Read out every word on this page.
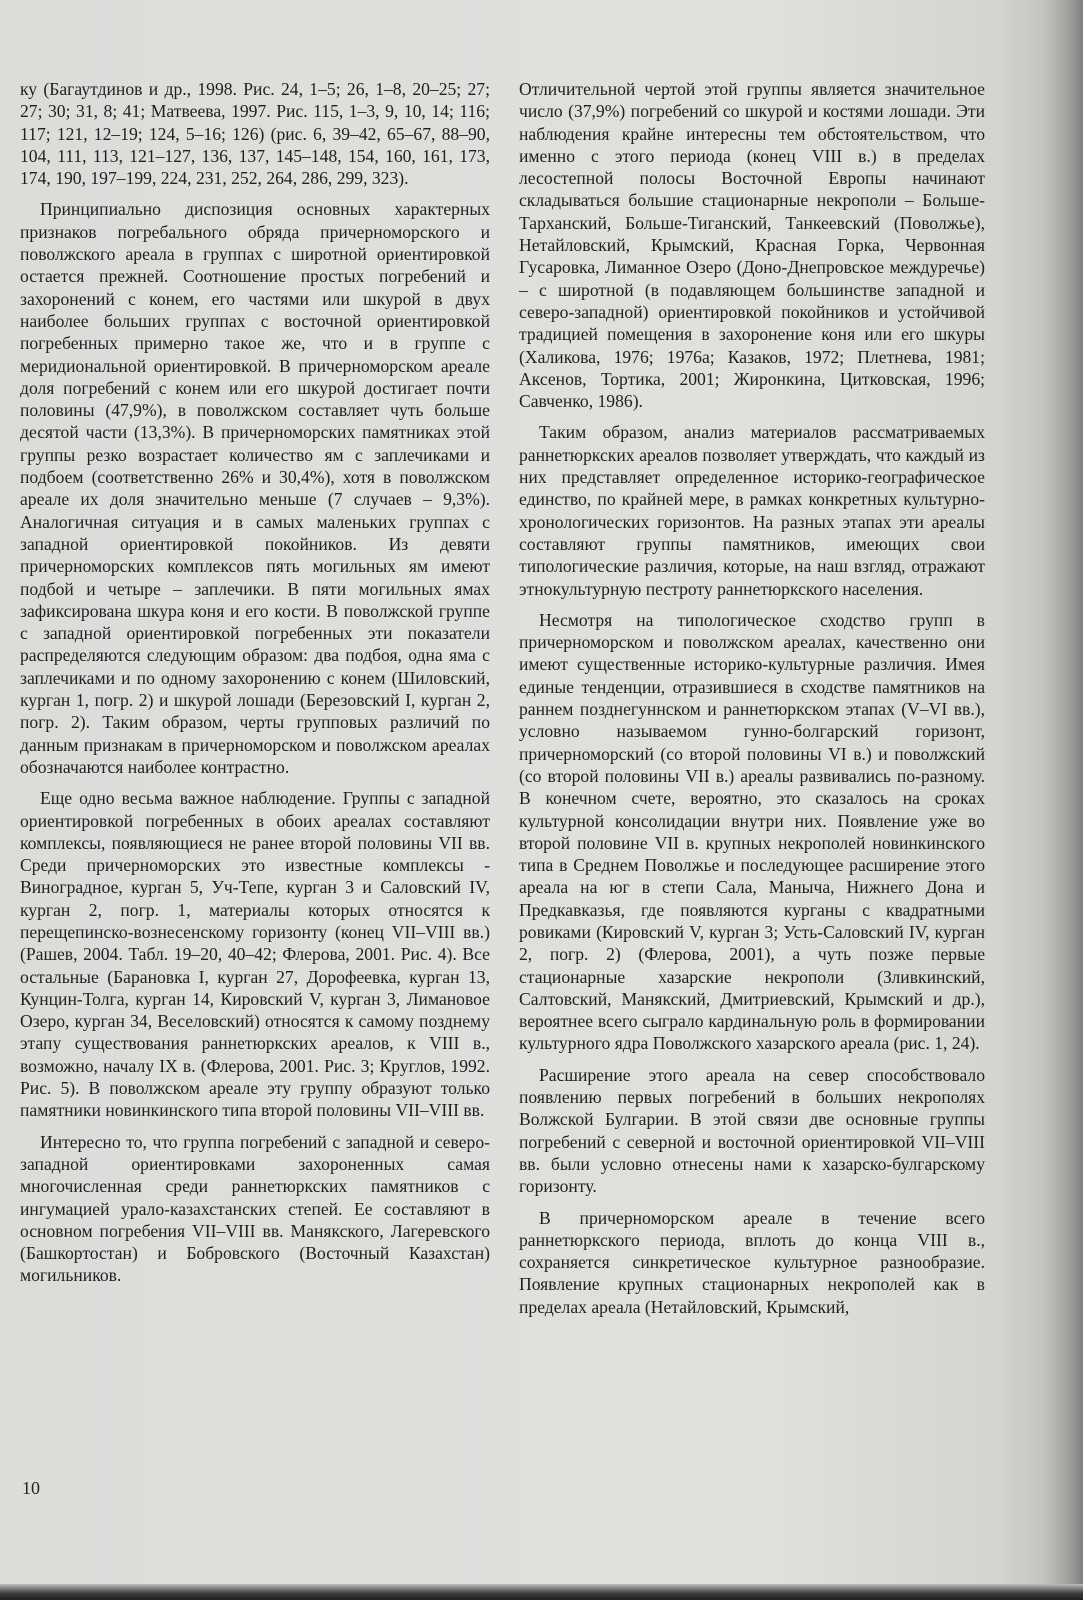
ку (Багаутдинов и др., 1998. Рис. 24, 1–5; 26, 1–8, 20–25; 27; 27; 30; 31, 8; 41; Матвеева, 1997. Рис. 115, 1–3, 9, 10, 14; 116; 117; 121, 12–19; 124, 5–16; 126) (рис. 6, 39–42, 65–67, 88–90, 104, 111, 113, 121–127, 136, 137, 145–148, 154, 160, 161, 173, 174, 190, 197–199, 224, 231, 252, 264, 286, 299, 323).

Принципиально диспозиция основных характерных признаков погребального обряда причерноморского и поволжского ареала в группах с широтной ориентировкой остается прежней. Соотношение простых погребений и захоронений с конем, его частями или шкурой в двух наиболее больших группах с восточной ориентировкой погребенных примерно такое же, что и в группе с меридиональной ориентировкой. В причерноморском ареале доля погребений с конем или его шкурой достигает почти половины (47,9%), в поволжском составляет чуть больше десятой части (13,3%). В причерноморских памятниках этой группы резко возрастает количество ям с заплечиками и подбоем (соответственно 26% и 30,4%), хотя в поволжском ареале их доля значительно меньше (7 случаев – 9,3%). Аналогичная ситуация и в самых маленьких группах с западной ориентировкой покойников. Из девяти причерноморских комплексов пять могильных ям имеют подбой и четыре – заплечики. В пяти могильных ямах зафиксирована шкура коня и его кости. В поволжской группе с западной ориентировкой погребенных эти показатели распределяются следующим образом: два подбоя, одна яма с заплечиками и по одному захоронению с конем (Шиловский, курган 1, погр. 2) и шкурой лошади (Березовский I, курган 2, погр. 2). Таким образом, черты групповых различий по данным признакам в причерноморском и поволжском ареалах обозначаются наиболее контрастно.

Еще одно весьма важное наблюдение. Группы с западной ориентировкой погребенных в обоих ареалах составляют комплексы, появляющиеся не ранее второй половины VII вв. Среди причерноморских это известные комплексы - Виноградное, курган 5, Уч-Тепе, курган 3 и Саловский IV, курган 2, погр. 1, материалы которых относятся к перещепинско-вознесенскому горизонту (конец VII–VIII вв.) (Рашев, 2004. Табл. 19–20, 40–42; Флерова, 2001. Рис. 4). Все остальные (Барановка I, курган 27, Дорофеевка, курган 13, Кунцин-Толга, курган 14, Кировский V, курган 3, Лимановое Озеро, курган 34, Веселовский) относятся к самому позднему этапу существования раннетюркских ареалов, к VIII в., возможно, началу IX в. (Флерова, 2001. Рис. 3; Круглов, 1992. Рис. 5). В поволжском ареале эту группу образуют только памятники новинкинского типа второй половины VII–VIII вв.

Интересно то, что группа погребений с западной и северо-западной ориентировками захороненных самая многочисленная среди раннетюркских памятников с ингумацией урало-казахстанских степей. Ее составляют в основном погребения VII–VIII вв. Манякского, Лагеревского (Башкортостан) и Бобровского (Восточный Казахстан) могильников.

Отличительной чертой этой группы является значительное число (37,9%) погребений со шкурой и костями лошади. Эти наблюдения крайне интересны тем обстоятельством, что именно с этого периода (конец VIII в.) в пределах лесостепной полосы Восточной Европы начинают складываться большие стационарные некрополи – Больше-Тарханский, Больше-Тиганский, Танкеевский (Поволжье), Нетайловский, Крымский, Красная Горка, Червонная Гусаровка, Лиманное Озеро (Доно-Днепровское междуречье) – с широтной (в подавляющем большинстве западной и северо-западной) ориентировкой покойников и устойчивой традицией помещения в захоронение коня или его шкуры (Халикова, 1976; 1976а; Казаков, 1972; Плетнева, 1981; Аксенов, Тортика, 2001; Жиронкина, Цитковская, 1996; Савченко, 1986).

Таким образом, анализ материалов рассматриваемых раннетюркских ареалов позволяет утверждать, что каждый из них представляет определенное историко-географическое единство, по крайней мере, в рамках конкретных культурно-хронологических горизонтов. На разных этапах эти ареалы составляют группы памятников, имеющих свои типологические различия, которые, на наш взгляд, отражают этнокультурную пестроту раннетюркского населения.

Несмотря на типологическое сходство групп в причерноморском и поволжском ареалах, качественно они имеют существенные историко-культурные различия. Имея единые тенденции, отразившиеся в сходстве памятников на раннем позднегуннском и раннетюркском этапах (V–VI вв.), условно называемом гунно-болгарский горизонт, причерноморский (со второй половины VI в.) и поволжский (со второй половины VII в.) ареалы развивались по-разному. В конечном счете, вероятно, это сказалось на сроках культурной консолидации внутри них. Появление уже во второй половине VII в. крупных некрополей новинкинского типа в Среднем Поволжье и последующее расширение этого ареала на юг в степи Сала, Маныча, Нижнего Дона и Предкавказья, где появляются курганы с квадратными ровиками (Кировский V, курган 3; Усть-Саловский IV, курган 2, погр. 2) (Флерова, 2001), а чуть позже первые стационарные хазарские некрополи (Зливкинский, Салтовский, Манякский, Дмитриевский, Крымский и др.), вероятнее всего сыграло кардинальную роль в формировании культурного ядра Поволжского хазарского ареала (рис. 1, 24).

Расширение этого ареала на север способствовало появлению первых погребений в больших некрополях Волжской Булгарии. В этой связи две основные группы погребений с северной и восточной ориентировкой VII–VIII вв. были условно отнесены нами к хазарско-булгарскому горизонту.

В причерноморском ареале в течение всего раннетюркского периода, вплоть до конца VIII в., сохраняется синкретическое культурное разнообразие. Появление крупных стационарных некрополей как в пределах ареала (Нетайловский, Крымский,

10
